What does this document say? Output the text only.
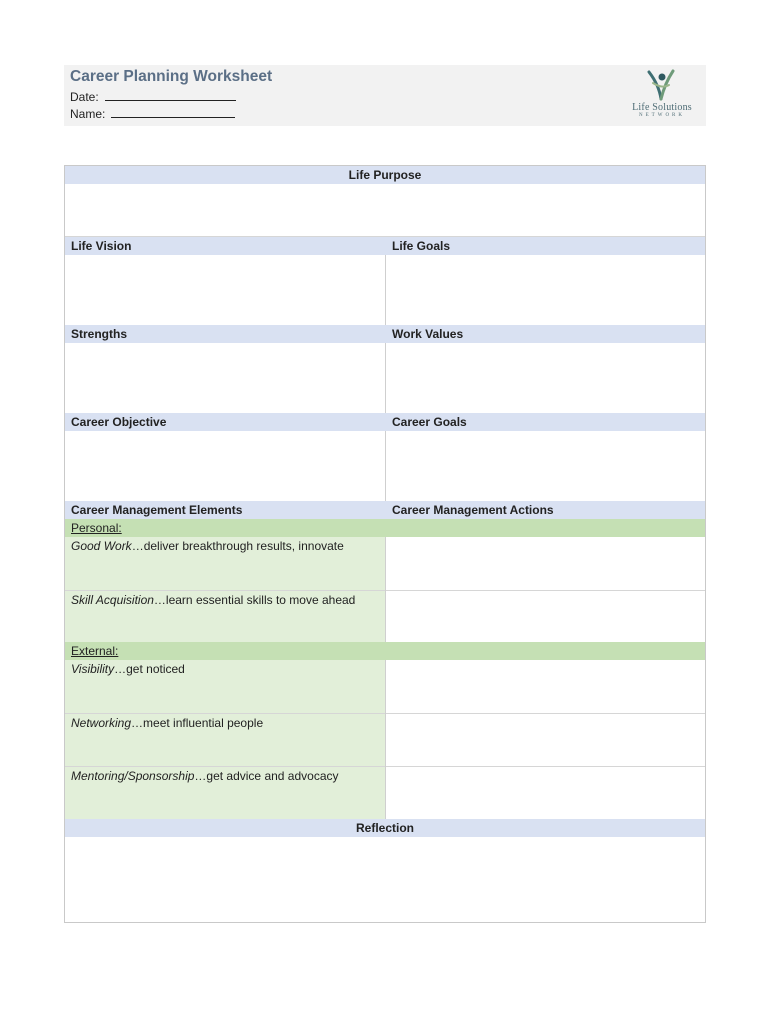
Career Planning Worksheet
Date:
Name:	Life Solutions
NETWORK
Life Purpose
Life Vision	Life Goals
Strengths	Work Values
Career Objective	Career Goals
Career Management Elements	Career Management Actions
Personal:
Good Work…deliver breakthrough results, innovate
Skill Acquisition…learn essential skills to move ahead
External:
Visibility…get noticed
Networking…meet influential people
Mentoring/Sponsorship…get advice and advocacy
Reflection
